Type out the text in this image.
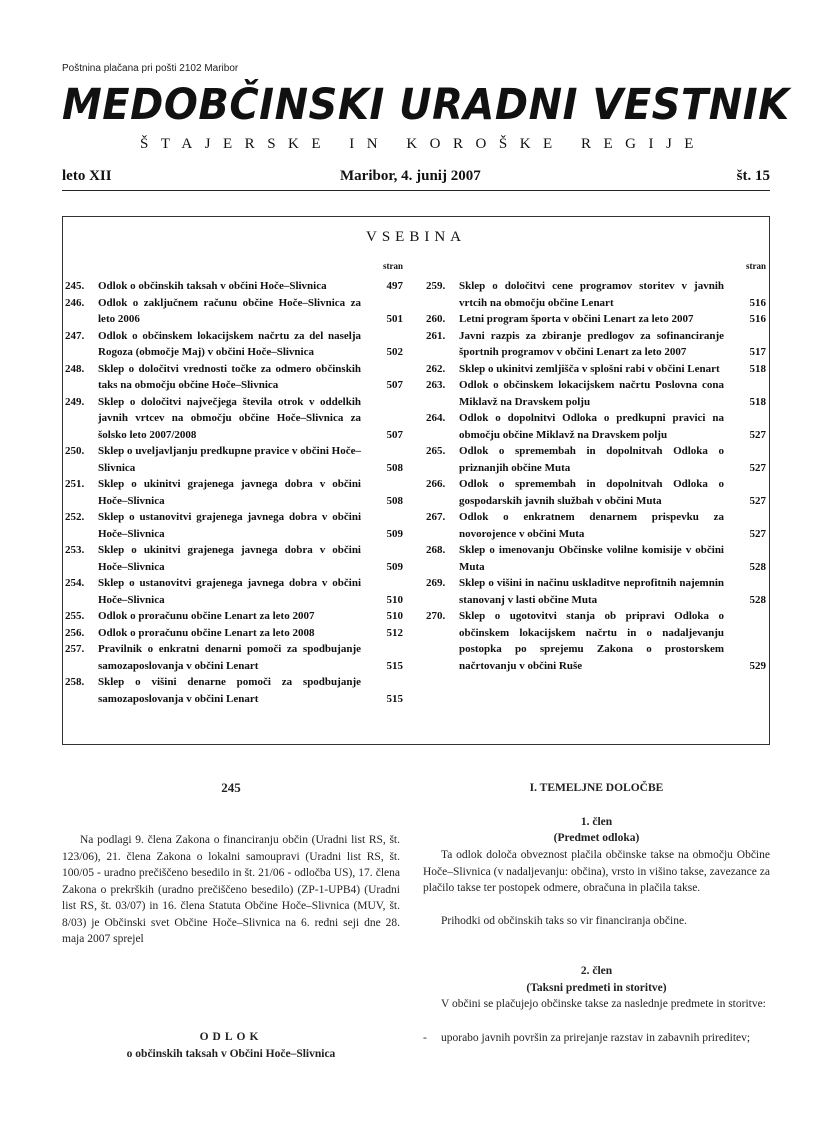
Poštnina plačana pri pošti 2102 Maribor
MEDOBČINSKI URADNI VESTNIK
ŠTAJERSKE IN KOROŠKE REGIJE
leto XII	Maribor, 4. junij 2007	št. 15
VSEBINA
stran
245.	Odlok o občinskih taksah v občini Hoče–Slivnica	497
246.	Odlok o zaključnem računu občine Hoče–Slivnica za leto 2006	501
247.	Odlok o občinskem lokacijskem načrtu za del naselja Rogoza (območje Maj) v občini Hoče–Slivnica	502
248.	Sklep o določitvi vrednosti točke za odmero občinskih taks na območju občine Hoče–Slivnica	507
249.	Sklep o določitvi največjega števila otrok v oddelkih javnih vrtcev na območju občine Hoče–Slivnica za šolsko leto 2007/2008	507
250.	Sklep o uveljavljanju predkupne pravice v občini Hoče–Slivnica	508
251.	Sklep o ukinitvi grajenega javnega dobra v občini Hoče–Slivnica	508
252.	Sklep o ustanovitvi grajenega javnega dobra v občini Hoče–Slivnica	509
253.	Sklep o ukinitvi grajenega javnega dobra v občini Hoče–Slivnica	509
254.	Sklep o ustanovitvi grajenega javnega dobra v občini Hoče–Slivnica	510
255.	Odlok o proračunu občine Lenart za leto 2007	510
256.	Odlok o proračunu občine Lenart za leto 2008	512
257.	Pravilnik o enkratni denarni pomoči za spodbujanje samozaposlovanja v občini Lenart	515
258.	Sklep o višini denarne pomoči za spodbujanje samozaposlovanja v občini Lenart	515
stran
259.	Sklep o določitvi cene programov storitev v javnih vrtcih na območju občine Lenart	516
260.	Letni program športa v občini Lenart za leto 2007	516
261.	Javni razpis za zbiranje predlogov za sofinanciranje športnih programov v občini Lenart za leto 2007	517
262.	Sklep o ukinitvi zemljišča v splošni rabi v občini Lenart	518
263.	Odlok o občinskem lokacijskem načrtu Poslovna cona Miklavž na Dravskem polju	518
264.	Odlok o dopolnitvi Odloka o predkupni pravici na območju občine Miklavž na Dravskem polju	527
265.	Odlok o spremembah in dopolnitvah Odloka o priznanjih občine Muta	527
266.	Odlok o spremembah in dopolnitvah Odloka o gospodarskih javnih službah v občini Muta	527
267.	Odlok o enkratnem denarnem prispevku za novorojence v občini Muta	527
268.	Sklep o imenovanju Občinske volilne komisije v občini Muta	528
269.	Sklep o višini in načinu uskladitve neprofitnih najemnin stanovanj v lasti občine Muta	528
270.	Sklep o ugotovitvi stanja ob pripravi Odloka o občinskem lokacijskem načrtu in o nadaljevanju postopka po sprejemu Zakona o prostorskem načrtovanju v občini Ruše	529
245
Na podlagi 9. člena Zakona o financiranju občin (Uradni list RS, št. 123/06), 21. člena Zakona o lokalni samoupravi (Uradni list RS, št. 100/05 - uradno prečiščeno besedilo in št. 21/06 - odločba US), 17. člena Zakona o prekrških (uradno prečiščeno besedilo) (ZP-1-UPB4) (Uradni list RS, št. 03/07) in 16. člena Statuta Občine Hoče–Slivnica (MUV, št. 8/03) je Občinski svet Občine Hoče–Slivnica na 6. redni seji dne 28. maja 2007 sprejel
ODLOK
o občinskih taksah v Občini Hoče–Slivnica
I. TEMELJNE DOLOČBE
1. člen
(Predmet odloka)
Ta odlok določa obveznost plačila občinske takse na območju Občine Hoče–Slivnica (v nadaljevanju: občina), vrsto in višino takse, zavezance za plačilo takse ter postopek odmere, obračuna in plačila takse.
Prihodki od občinskih taks so vir financiranja občine.
2. člen
(Taksni predmeti in storitve)
V občini se plačujejo občinske takse za naslednje predmete in storitve:
- uporabo javnih površin za prirejanje razstav in zabavnih prireditev;
